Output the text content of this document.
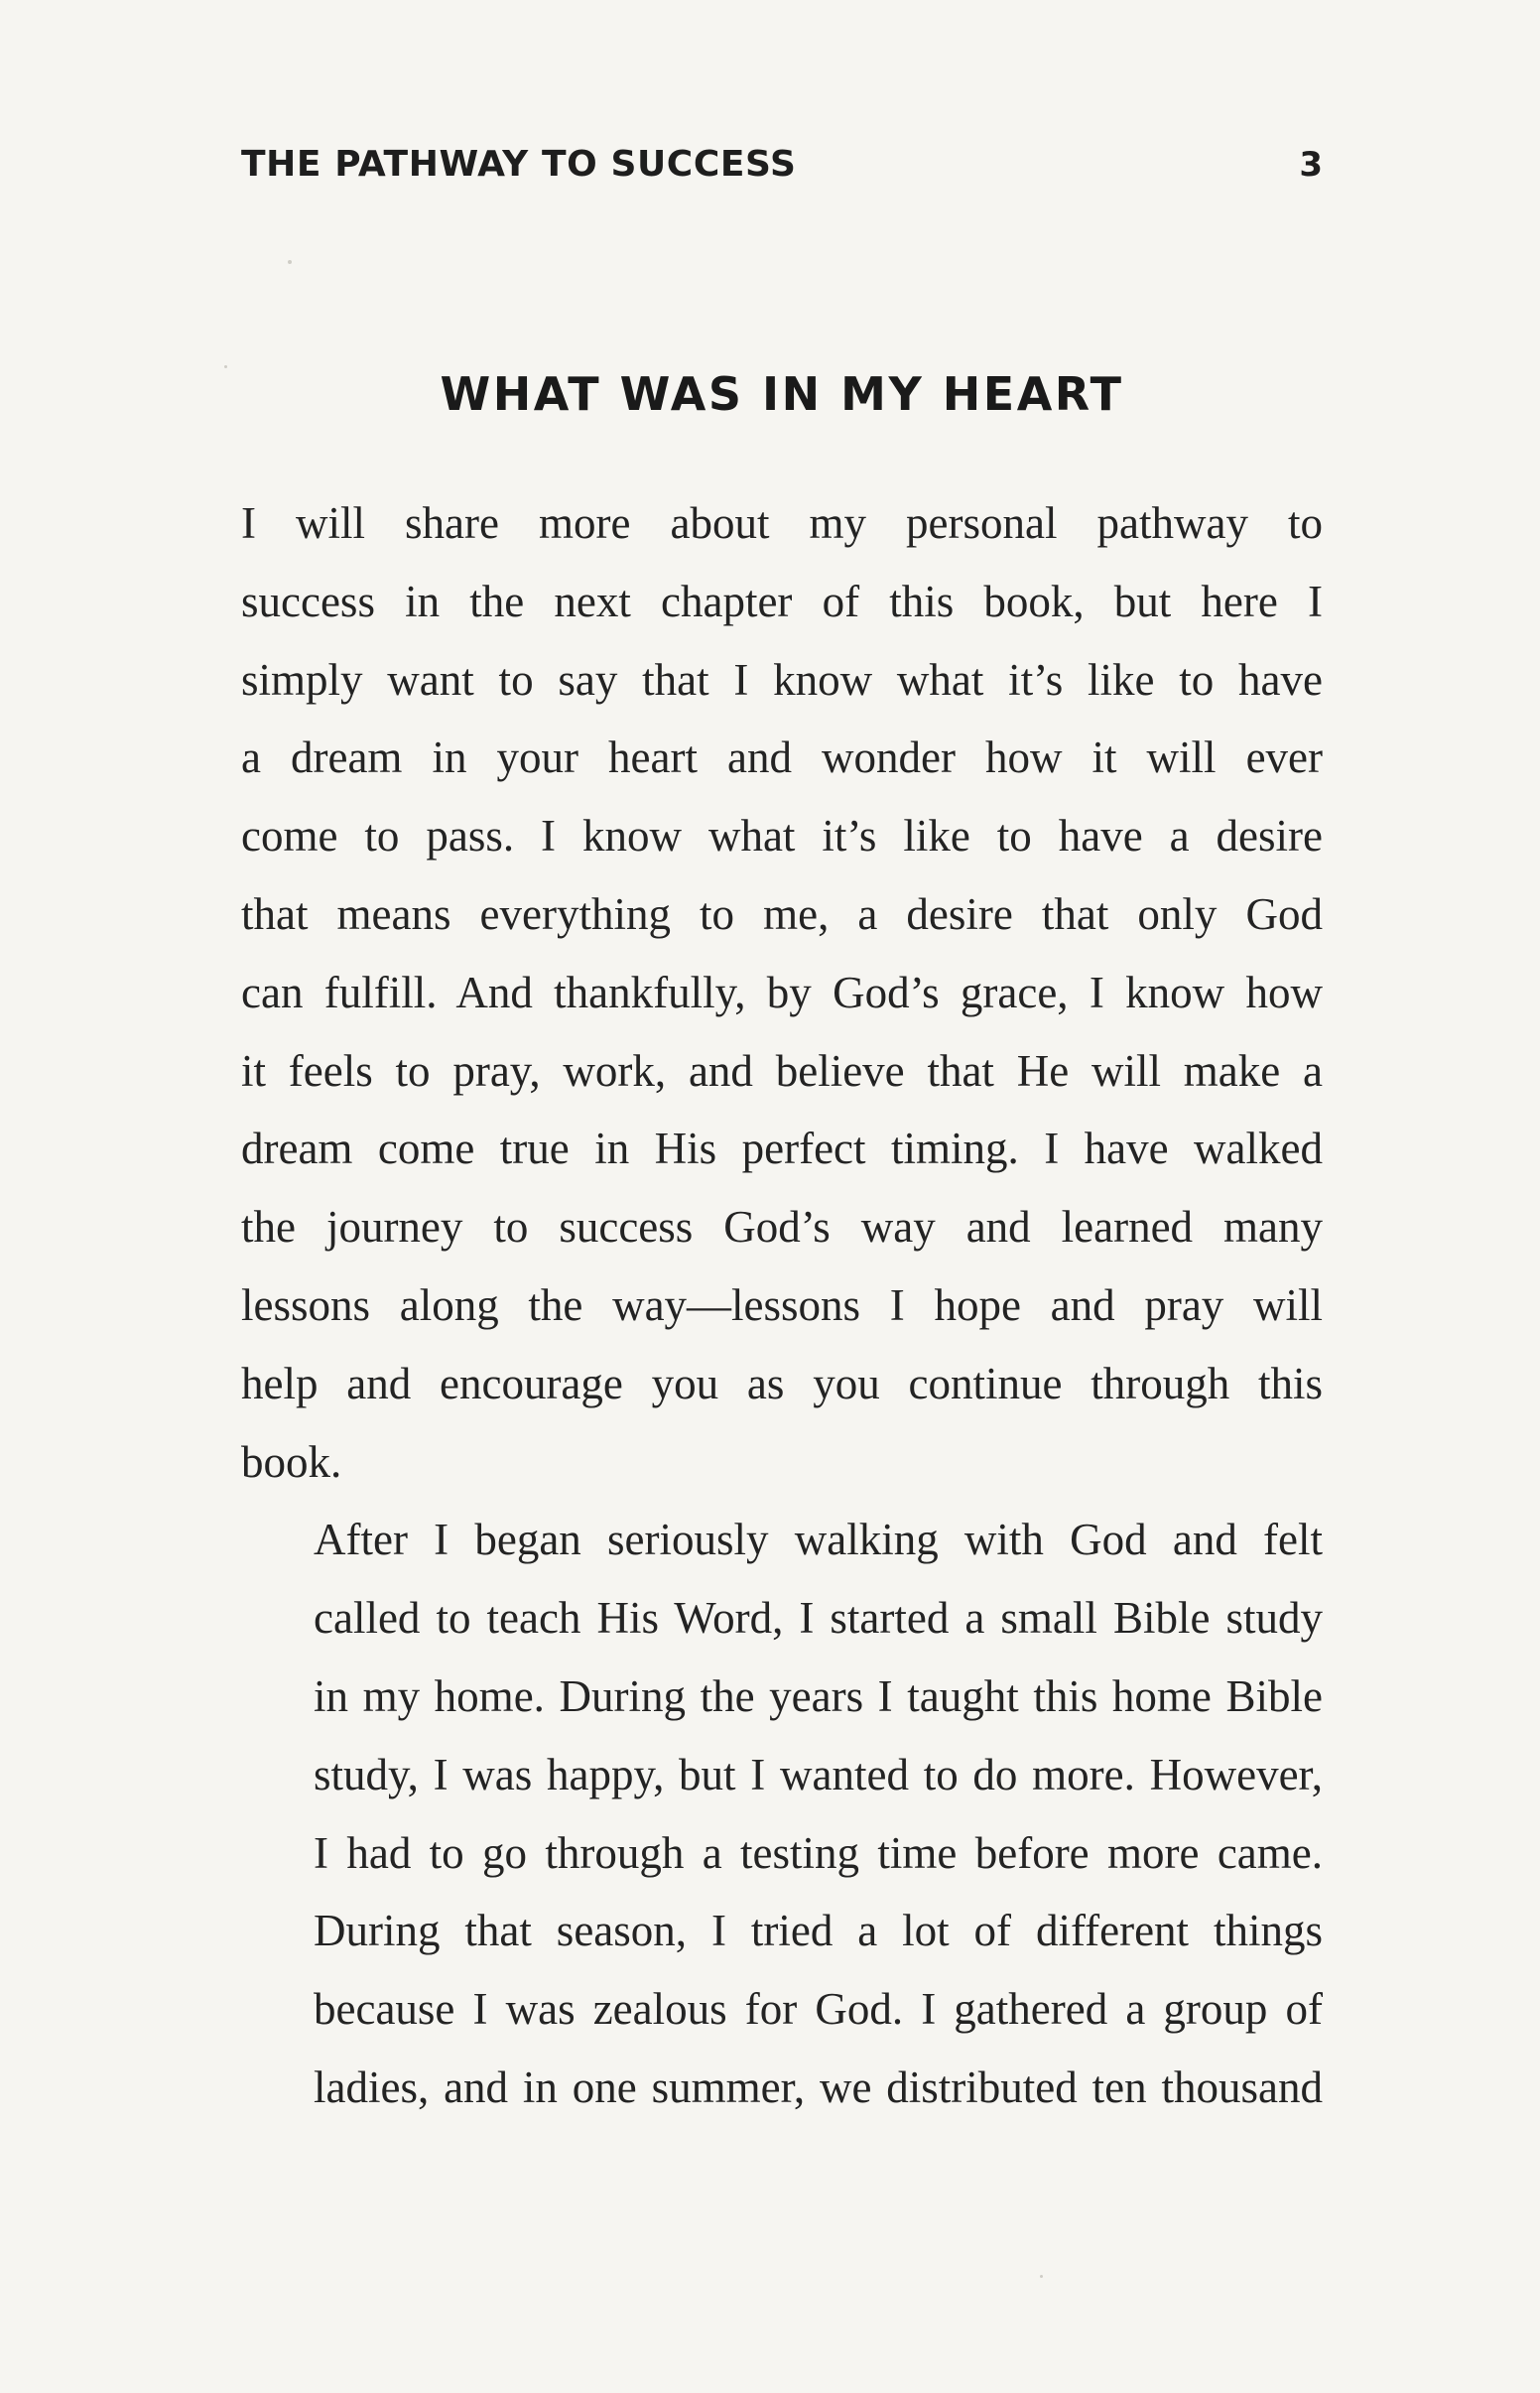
THE PATHWAY TO SUCCESS	3
WHAT WAS IN MY HEART

I will share more about my personal pathway to
success in the next chapter of this book, but here I
simply want to say that I know what it’s like to have
a dream in your heart and wonder how it will ever
come to pass. I know what it’s like to have a desire
that means everything to me, a desire that only God
can fulfill. And thankfully, by God’s grace, I know how
it feels to pray, work, and believe that He will make a
dream come true in His perfect timing. I have walked
the journey to success God’s way and learned many
lessons along the way—lessons I hope and pray will
help and encourage you as you continue through this
book.

After I began seriously walking with God and felt
called to teach His Word, I started a small Bible study
in my home. During the years I taught this home Bible
study, I was happy, but I wanted to do more. However,
I had to go through a testing time before more came.
During that season, I tried a lot of different things
because I was zealous for God. I gathered a group of
ladies, and in one summer, we distributed ten thousand
